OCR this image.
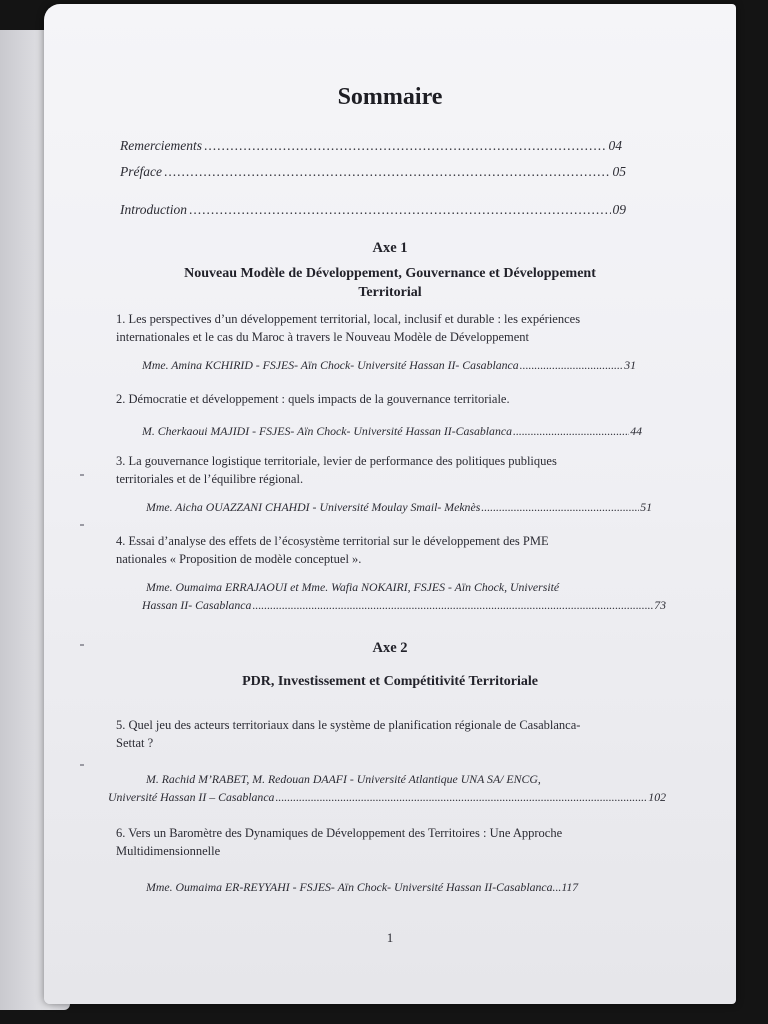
Sommaire
Remerciements .....	04
Préface .....	05
Introduction .....	09
Axe 1
Nouveau Modèle de Développement, Gouvernance et Développement
Territorial
1. Les perspectives d’un développement territorial, local, inclusif et durable : les expériences
internationales et le cas du Maroc à travers le Nouveau Modèle de Développement
Mme. Amina KCHIRID - FSJES- Aïn Chock- Université Hassan II- Casablanca .....	31
2. Démocratie et développement : quels impacts de la gouvernance territoriale.
M. Cherkaoui MAJIDI - FSJES- Aïn Chock- Université Hassan II-Casablanca .....	44
3. La gouvernance logistique territoriale, levier de performance des politiques publiques
territoriales et de l’équilibre régional.
Mme. Aicha OUAZZANI CHAHDI - Université Moulay Smail- Meknès .....	51
4. Essai d’analyse des effets de l’écosystème territorial sur le développement des PME
nationales « Proposition de modèle conceptuel ».
Mme. Oumaima ERRAJAOUI et Mme. Wafia NOKAIRI, FSJES - Aïn Chock, Université
Hassan II- Casablanca .....	73
Axe 2
PDR, Investissement et Compétitivité Territoriale
5. Quel jeu des acteurs territoriaux dans le système de planification régionale de Casablanca-
Settat ?
M. Rachid M’RABET, M. Redouan DAAFI - Université Atlantique UNA SA/ ENCG,
Université Hassan II – Casablanca .....	102
6. Vers un Baromètre des Dynamiques de Développement des Territoires : Une Approche
Multidimensionnelle
Mme. Oumaima ER-REYYAHI - FSJES- Aïn Chock- Université Hassan II-Casablanca...117
1
